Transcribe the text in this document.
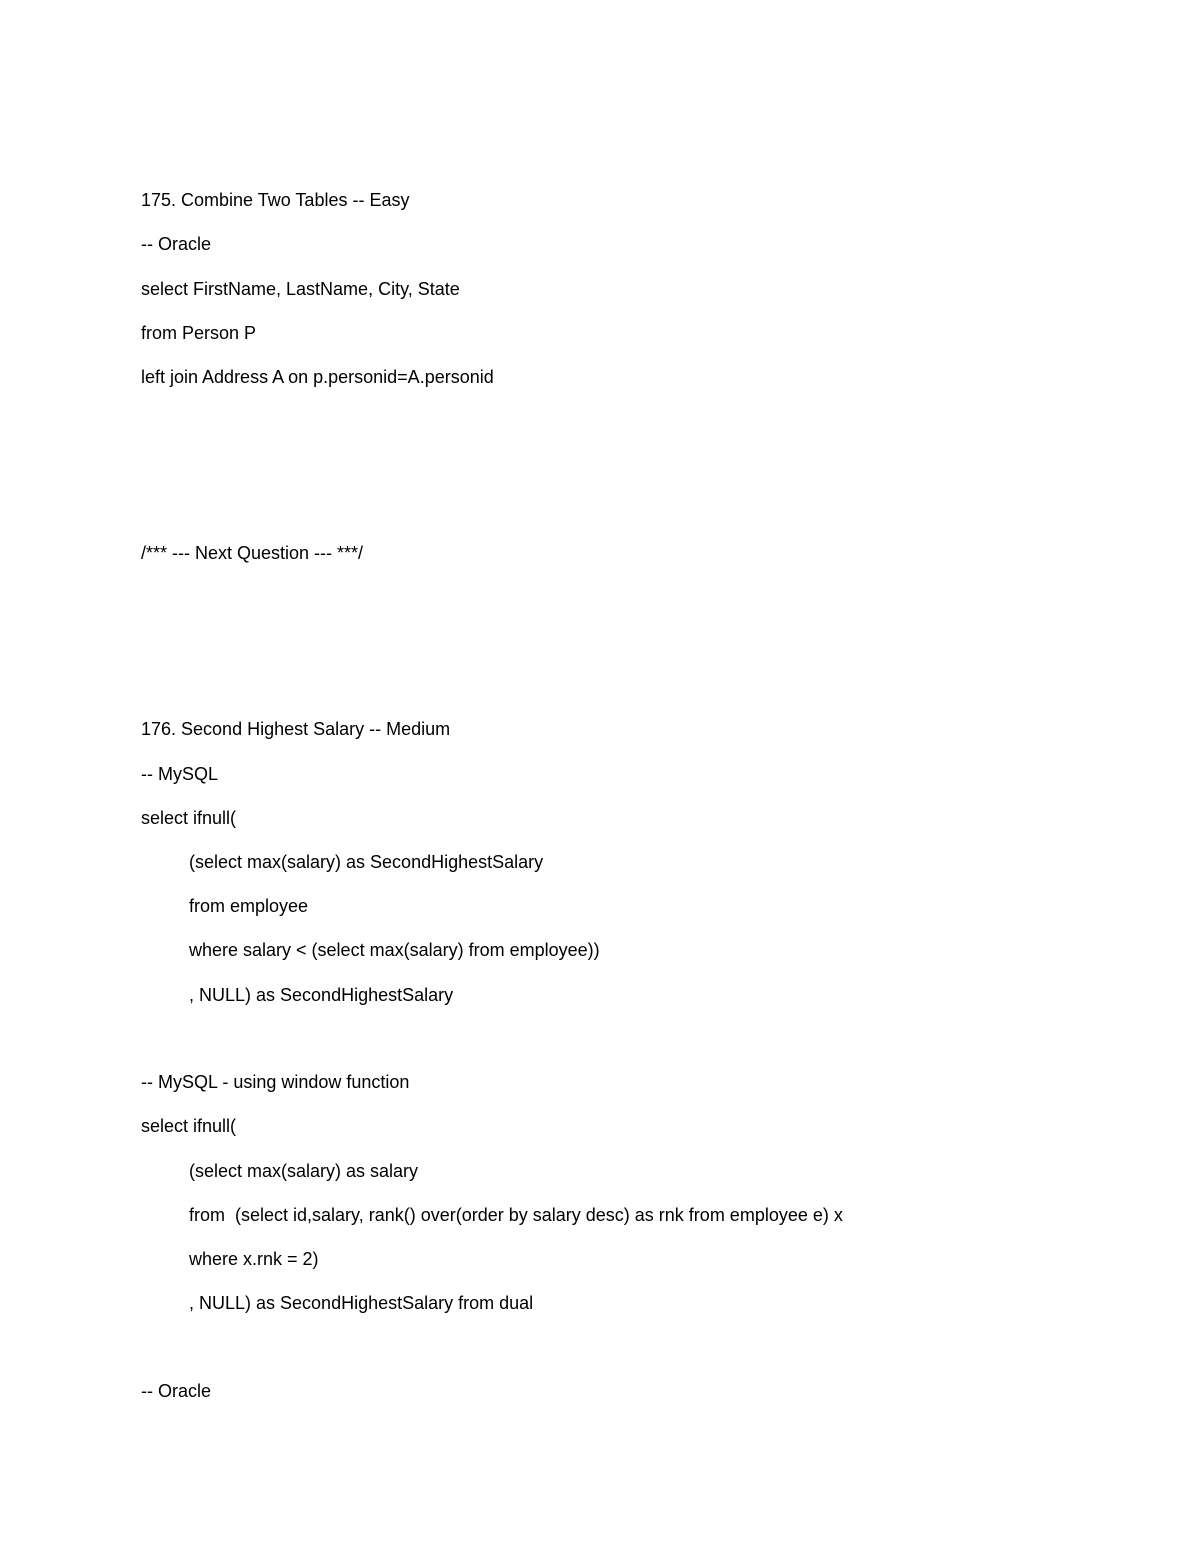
175. Combine Two Tables -- Easy

-- Oracle

select FirstName, LastName, City, State

from Person P

left join Address A on p.personid=A.personid

/*** --- Next Question --- ***/

176. Second Highest Salary -- Medium

-- MySQL

select ifnull(

(select max(salary) as SecondHighestSalary

from employee

where salary < (select max(salary) from employee))

, NULL) as SecondHighestSalary

-- MySQL - using window function

select ifnull(

(select max(salary) as salary

from  (select id,salary, rank() over(order by salary desc) as rnk from employee e) x

where x.rnk = 2)

, NULL) as SecondHighestSalary from dual

-- Oracle
